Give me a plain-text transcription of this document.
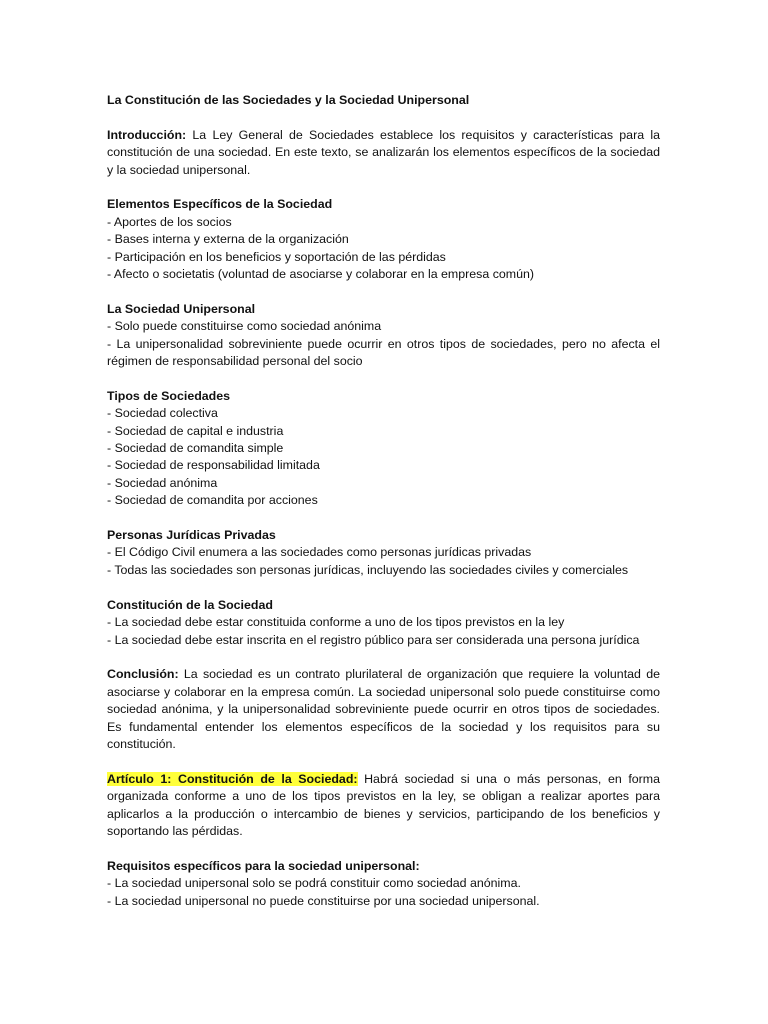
La Constitución de las Sociedades y la Sociedad Unipersonal
Introducción: La Ley General de Sociedades establece los requisitos y características para la constitución de una sociedad. En este texto, se analizarán los elementos específicos de la sociedad y la sociedad unipersonal.
Elementos Específicos de la Sociedad
- Aportes de los socios
- Bases interna y externa de la organización
- Participación en los beneficios y soportación de las pérdidas
- Afecto o societatis (voluntad de asociarse y colaborar en la empresa común)
La Sociedad Unipersonal
- Solo puede constituirse como sociedad anónima
- La unipersonalidad sobreviniente puede ocurrir en otros tipos de sociedades, pero no afecta el régimen de responsabilidad personal del socio
Tipos de Sociedades
- Sociedad colectiva
- Sociedad de capital e industria
- Sociedad de comandita simple
- Sociedad de responsabilidad limitada
- Sociedad anónima
- Sociedad de comandita por acciones
Personas Jurídicas Privadas
- El Código Civil enumera a las sociedades como personas jurídicas privadas
- Todas las sociedades son personas jurídicas, incluyendo las sociedades civiles y comerciales
Constitución de la Sociedad
- La sociedad debe estar constituida conforme a uno de los tipos previstos en la ley
- La sociedad debe estar inscrita en el registro público para ser considerada una persona jurídica
Conclusión: La sociedad es un contrato plurilateral de organización que requiere la voluntad de asociarse y colaborar en la empresa común. La sociedad unipersonal solo puede constituirse como sociedad anónima, y la unipersonalidad sobreviniente puede ocurrir en otros tipos de sociedades. Es fundamental entender los elementos específicos de la sociedad y los requisitos para su constitución.
Artículo 1: Constitución de la Sociedad: Habrá sociedad si una o más personas, en forma organizada conforme a uno de los tipos previstos en la ley, se obligan a realizar aportes para aplicarlos a la producción o intercambio de bienes y servicios, participando de los beneficios y soportando las pérdidas.
Requisitos específicos para la sociedad unipersonal:
- La sociedad unipersonal solo se podrá constituir como sociedad anónima.
- La sociedad unipersonal no puede constituirse por una sociedad unipersonal.
